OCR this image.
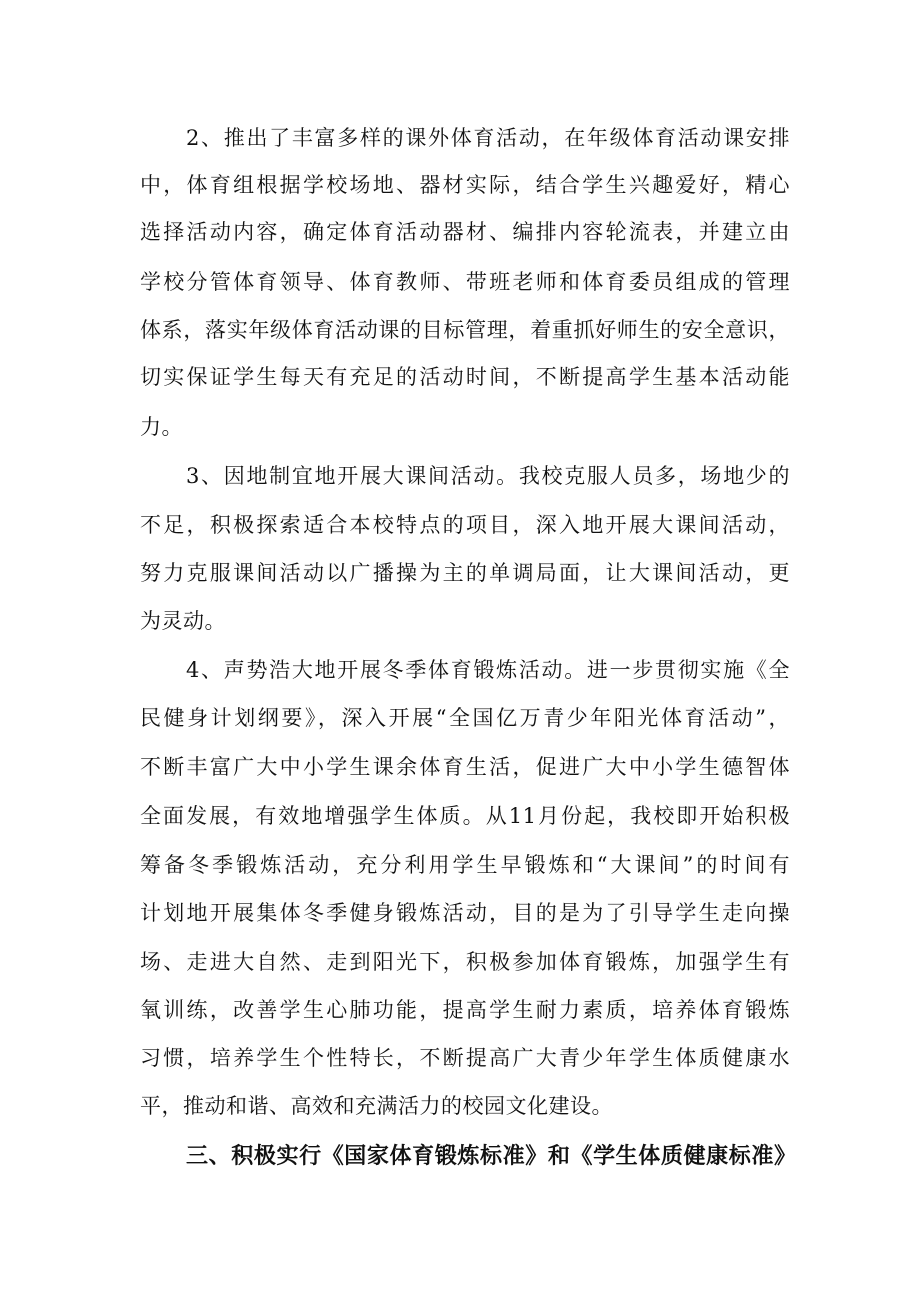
2、推出了丰富多样的课外体育活动，在年级体育活动课安排
中，体育组根据学校场地、器材实际，结合学生兴趣爱好，精心
选择活动内容，确定体育活动器材、编排内容轮流表，并建立由
学校分管体育领导、体育教师、带班老师和体育委员组成的管理
体系，落实年级体育活动课的目标管理，着重抓好师生的安全意识，
切实保证学生每天有充足的活动时间，不断提高学生基本活动能
力。
3、因地制宜地开展大课间活动。我校克服人员多，场地少的
不足，积极探索适合本校特点的项目，深入地开展大课间活动，
努力克服课间活动以广播操为主的单调局面，让大课间活动，更
为灵动。
4、声势浩大地开展冬季体育锻炼活动。进一步贯彻实施《全
民健身计划纲要》，深入开展“全国亿万青少年阳光体育活动”，
不断丰富广大中小学生课余体育生活，促进广大中小学生德智体
全面发展，有效地增强学生体质。从11月份起，我校即开始积极
筹备冬季锻炼活动，充分利用学生早锻炼和“大课间”的时间有
计划地开展集体冬季健身锻炼活动，目的是为了引导学生走向操
场、走进大自然、走到阳光下，积极参加体育锻炼，加强学生有
氧训练，改善学生心肺功能，提高学生耐力素质，培养体育锻炼
习惯，培养学生个性特长，不断提高广大青少年学生体质健康水
平，推动和谐、高效和充满活力的校园文化建设。
三、积极实行《国家体育锻炼标准》和《学生体质健康标准》
